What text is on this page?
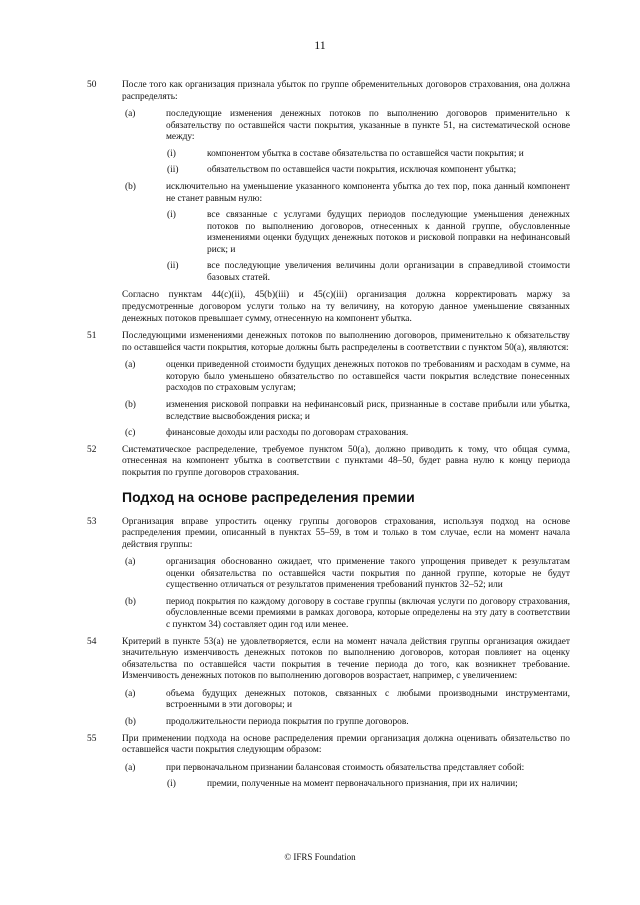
11
50	После того как организация признала убыток по группе обременительных договоров страхования, она должна распределять:
(a)	последующие изменения денежных потоков по выполнению договоров применительно к обязательству по оставшейся части покрытия, указанные в пункте 51, на систематической основе между:
(i)	компонентом убытка в составе обязательства по оставшейся части покрытия; и
(ii)	обязательством по оставшейся части покрытия, исключая компонент убытка;
(b)	исключительно на уменьшение указанного компонента убытка до тех пор, пока данный компонент не станет равным нулю:
(i)	все связанные с услугами будущих периодов последующие уменьшения денежных потоков по выполнению договоров, отнесенных к данной группе, обусловленные изменениями оценки будущих денежных потоков и рисковой поправки на нефинансовый риск; и
(ii)	все последующие увеличения величины доли организации в справедливой стоимости базовых статей.
Согласно пунктам 44(c)(ii), 45(b)(iii) и 45(c)(iii) организация должна корректировать маржу за предусмотренные договором услуги только на ту величину, на которую данное уменьшение связанных денежных потоков превышает сумму, отнесенную на компонент убытка.
51	Последующими изменениями денежных потоков по выполнению договоров, применительно к обязательству по оставшейся части покрытия, которые должны быть распределены в соответствии с пунктом 50(a), являются:
(a)	оценки приведенной стоимости будущих денежных потоков по требованиям и расходам в сумме, на которую было уменьшено обязательство по оставшейся части покрытия вследствие понесенных расходов по страховым услугам;
(b)	изменения рисковой поправки на нефинансовый риск, признанные в составе прибыли или убытка, вследствие высвобождения риска; и
(c)	финансовые доходы или расходы по договорам страхования.
52	Систематическое распределение, требуемое пунктом 50(a), должно приводить к тому, что общая сумма, отнесенная на компонент убытка в соответствии с пунктами 48–50, будет равна нулю к концу периода покрытия по группе договоров страхования.
Подход на основе распределения премии
53	Организация вправе упростить оценку группы договоров страхования, используя подход на основе распределения премии, описанный в пунктах 55–59, в том и только в том случае, если на момент начала действия группы:
(a)	организация обоснованно ожидает, что применение такого упрощения приведет к результатам оценки обязательства по оставшейся части покрытия по данной группе, которые не будут существенно отличаться от результатов применения требований пунктов 32–52; или
(b)	период покрытия по каждому договору в составе группы (включая услуги по договору страхования, обусловленные всеми премиями в рамках договора, которые определены на эту дату в соответствии с пунктом 34) составляет один год или менее.
54	Критерий в пункте 53(a) не удовлетворяется, если на момент начала действия группы организация ожидает значительную изменчивость денежных потоков по выполнению договоров, которая повлияет на оценку обязательства по оставшейся части покрытия в течение периода до того, как возникнет требование. Изменчивость денежных потоков по выполнению договоров возрастает, например, с увеличением:
(a)	объема будущих денежных потоков, связанных с любыми производными инструментами, встроенными в эти договоры; и
(b)	продолжительности периода покрытия по группе договоров.
55	При применении подхода на основе распределения премии организация должна оценивать обязательство по оставшейся части покрытия следующим образом:
(a)	при первоначальном признании балансовая стоимость обязательства представляет собой:
(i)	премии, полученные на момент первоначального признания, при их наличии;
© IFRS Foundation
